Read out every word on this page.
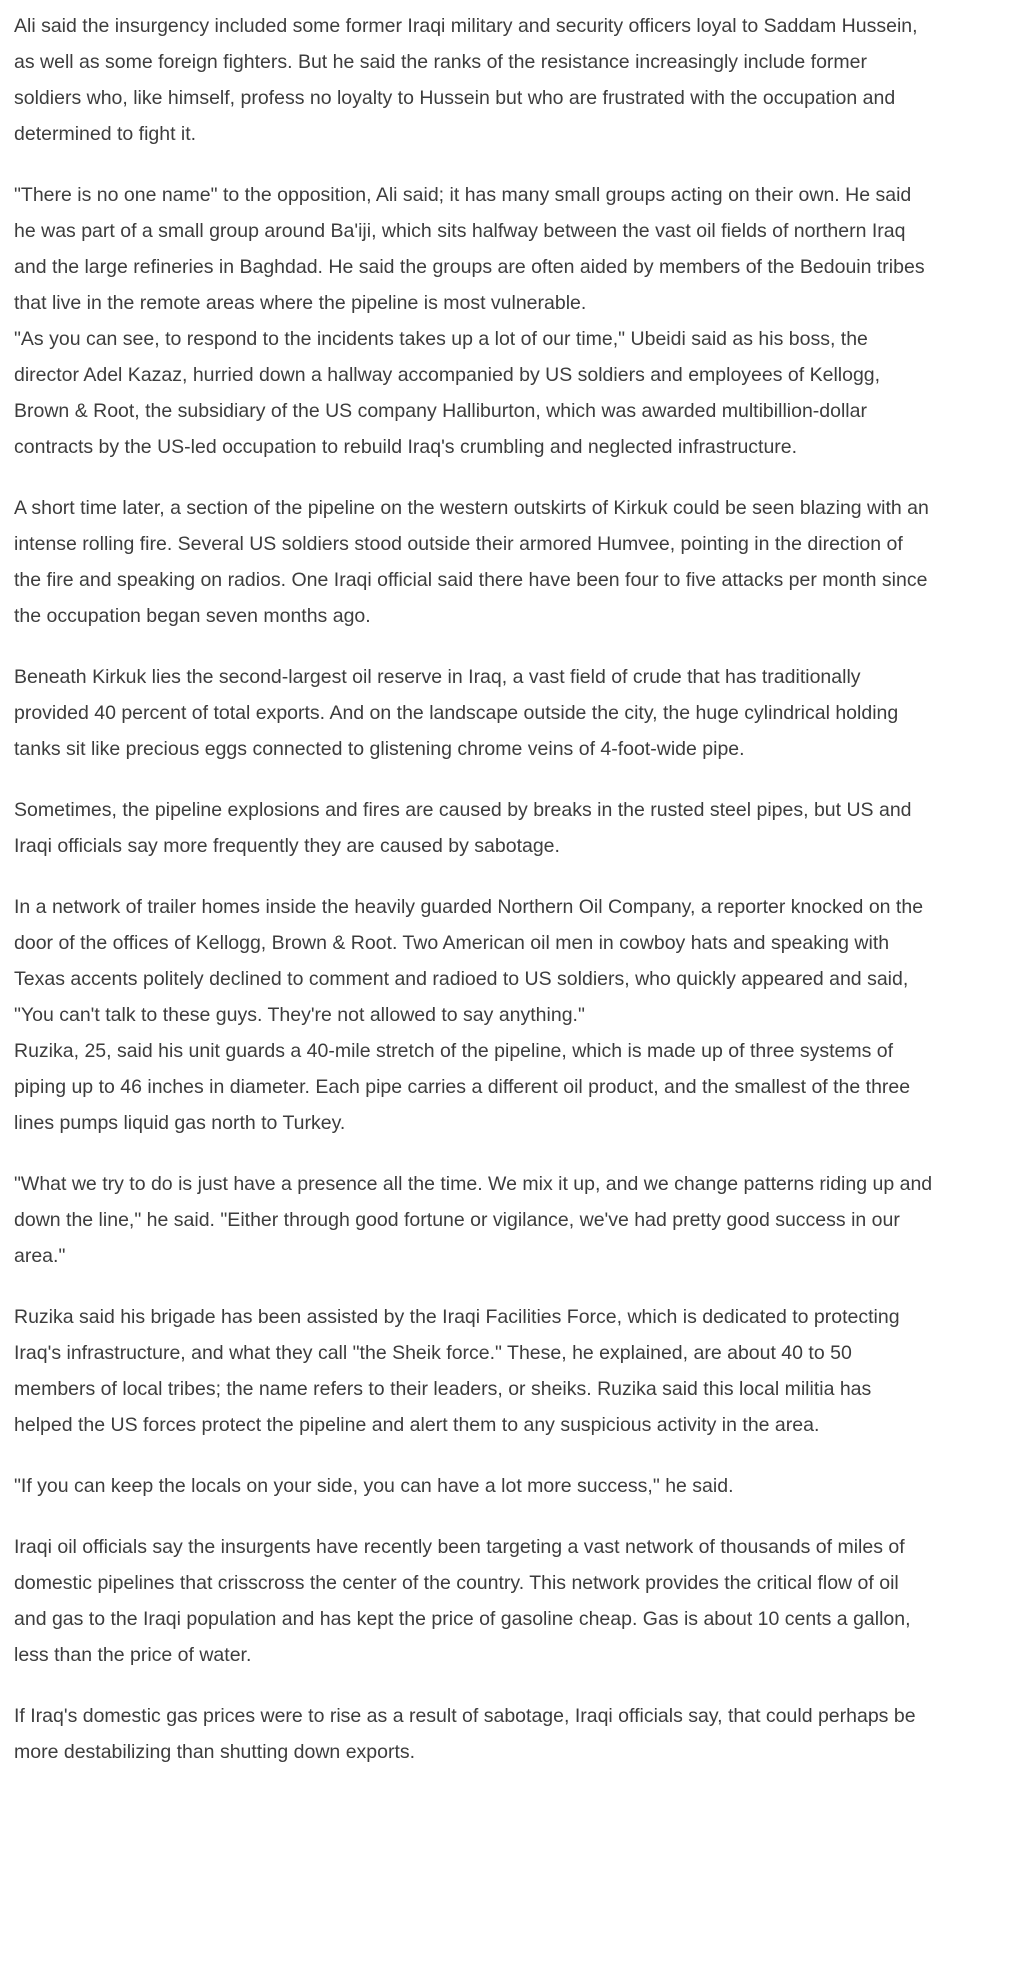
Ali said the insurgency included some former Iraqi military and security officers loyal to Saddam Hussein, as well as some foreign fighters. But he said the ranks of the resistance increasingly include former soldiers who, like himself, profess no loyalty to Hussein but who are frustrated with the occupation and determined to fight it.

"There is no one name" to the opposition, Ali said; it has many small groups acting on their own. He said he was part of a small group around Ba'iji, which sits halfway between the vast oil fields of northern Iraq and the large refineries in Baghdad. He said the groups are often aided by members of the Bedouin tribes that live in the remote areas where the pipeline is most vulnerable.

"As you can see, to respond to the incidents takes up a lot of our time," Ubeidi said as his boss, the director Adel Kazaz, hurried down a hallway accompanied by US soldiers and employees of Kellogg, Brown & Root, the subsidiary of the US company Halliburton, which was awarded multibillion-dollar contracts by the US-led occupation to rebuild Iraq's crumbling and neglected infrastructure.

A short time later, a section of the pipeline on the western outskirts of Kirkuk could be seen blazing with an intense rolling fire. Several US soldiers stood outside their armored Humvee, pointing in the direction of the fire and speaking on radios. One Iraqi official said there have been four to five attacks per month since the occupation began seven months ago.

Beneath Kirkuk lies the second-largest oil reserve in Iraq, a vast field of crude that has traditionally provided 40 percent of total exports. And on the landscape outside the city, the huge cylindrical holding tanks sit like precious eggs connected to glistening chrome veins of 4-foot-wide pipe.

Sometimes, the pipeline explosions and fires are caused by breaks in the rusted steel pipes, but US and Iraqi officials say more frequently they are caused by sabotage.

In a network of trailer homes inside the heavily guarded Northern Oil Company, a reporter knocked on the door of the offices of Kellogg, Brown & Root. Two American oil men in cowboy hats and speaking with Texas accents politely declined to comment and radioed to US soldiers, who quickly appeared and said, "You can't talk to these guys. They're not allowed to say anything."

Ruzika, 25, said his unit guards a 40-mile stretch of the pipeline, which is made up of three systems of piping up to 46 inches in diameter. Each pipe carries a different oil product, and the smallest of the three lines pumps liquid gas north to Turkey.

"What we try to do is just have a presence all the time. We mix it up, and we change patterns riding up and down the line," he said. "Either through good fortune or vigilance, we've had pretty good success in our area."

Ruzika said his brigade has been assisted by the Iraqi Facilities Force, which is dedicated to protecting Iraq's infrastructure, and what they call "the Sheik force." These, he explained, are about 40 to 50 members of local tribes; the name refers to their leaders, or sheiks. Ruzika said this local militia has helped the US forces protect the pipeline and alert them to any suspicious activity in the area.

"If you can keep the locals on your side, you can have a lot more success," he said.

Iraqi oil officials say the insurgents have recently been targeting a vast network of thousands of miles of domestic pipelines that crisscross the center of the country. This network provides the critical flow of oil and gas to the Iraqi population and has kept the price of gasoline cheap. Gas is about 10 cents a gallon, less than the price of water.

If Iraq's domestic gas prices were to rise as a result of sabotage, Iraqi officials say, that could perhaps be more destabilizing than shutting down exports.
